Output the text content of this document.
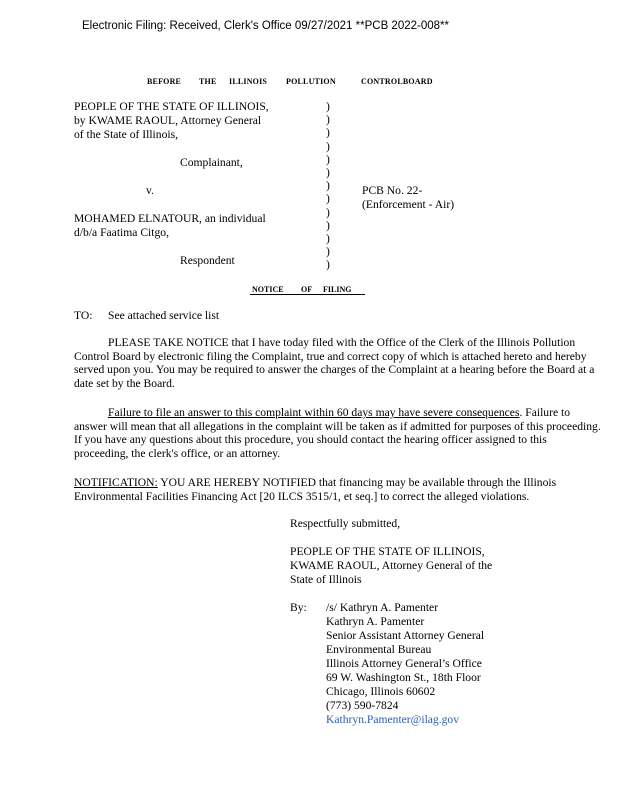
Electronic Filing: Received, Clerk's Office 09/27/2021 **PCB 2022-008**
BEFORE THE ILLINOIS POLLUTION	CONTROLBOARD
PEOPLE OF THE STATE OF ILLINOIS,
by KWAME RAOUL, Attorney General
of the State of Illinois,
Complainant,
v.
MOHAMED ELNATOUR, an individual
d/b/a Faatima Citgo,
Respondent
)
)
)
)
)
)
)
)
)
)
)
)
)
PCB No. 22-
(Enforcement - Air)
NOTICE OF FILING
TO: See attached service list
PLEASE TAKE NOTICE that I have today filed with the Office of the Clerk of the Illinois Pollution Control Board by electronic filing the Complaint, true and correct copy of which is attached hereto and hereby served upon you. You may be required to answer the charges of the Complaint at a hearing before the Board at a date set by the Board.
Failure to file an answer to this complaint within 60 days may have severe consequences. Failure to answer will mean that all allegations in the complaint will be taken as if admitted for purposes of this proceeding. If you have any questions about this procedure, you should contact the hearing officer assigned to this proceeding, the clerk's office, or an attorney.
NOTIFICATION: YOU ARE HEREBY NOTIFIED that financing may be available through the Illinois Environmental Facilities Financing Act [20 ILCS 3515/1, et seq.] to correct the alleged violations.
Respectfully submitted,
PEOPLE OF THE STATE OF ILLINOIS,
KWAME RAOUL, Attorney General of the
State of Illinois
By: /s/ Kathryn A. Pamenter
Kathryn A. Pamenter
Senior Assistant Attorney General
Environmental Bureau
Illinois Attorney General’s Office
69 W. Washington St., 18th Floor
Chicago, Illinois 60602
(773) 590-7824
Kathryn.Pamenter@ilag.gov
